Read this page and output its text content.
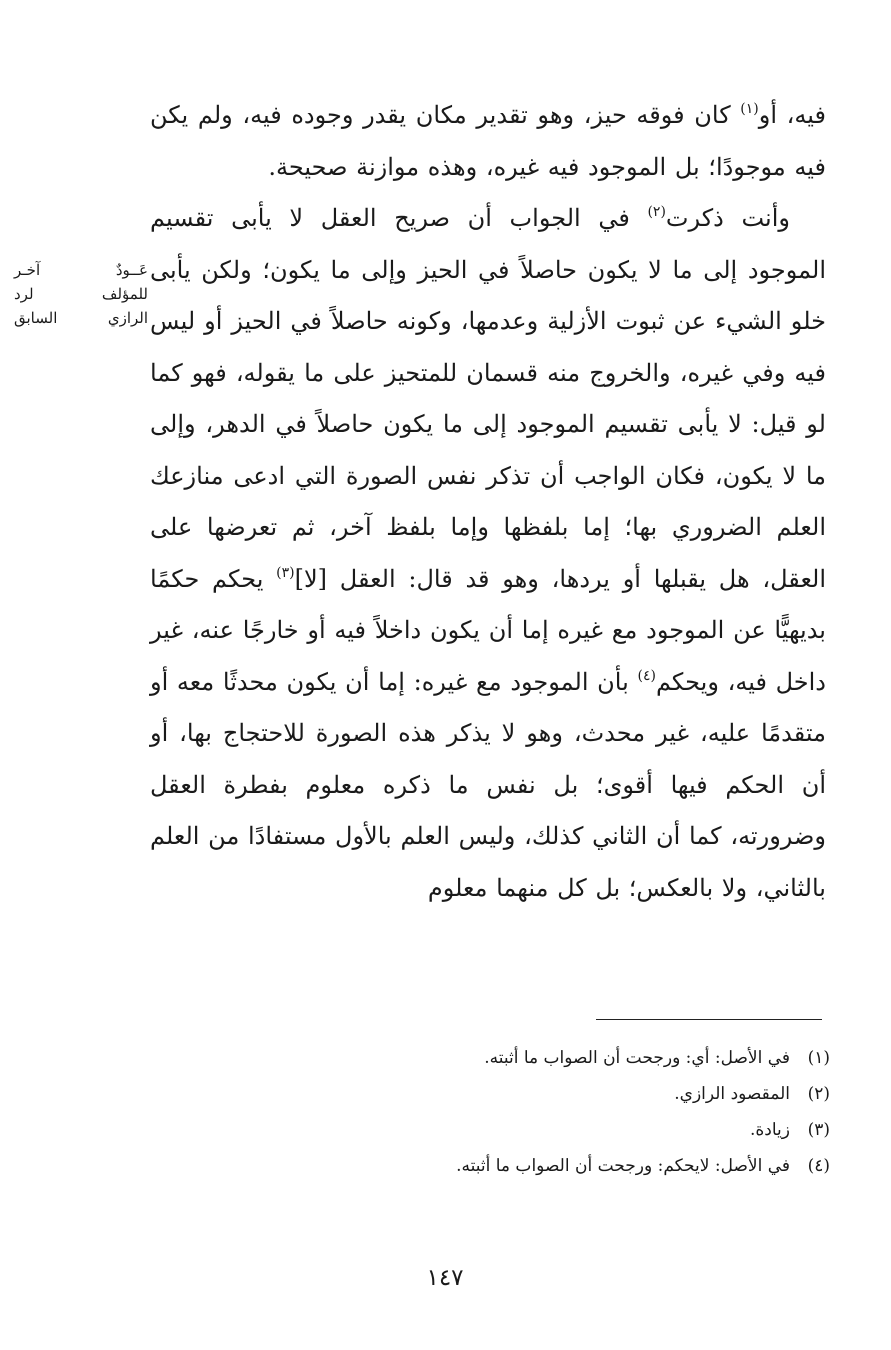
فيه، أو$^{(١)}$ كان فوقه حيز، وهو تقدير مكان يقدر وجوده فيه، ولم يكن فيه موجودًا؛ بل الموجود فيه غيره، وهذه موازنة صحيحة.

وأنت ذكرت$^{(٢)}$ في الجواب أن صريح العقل لا يأبى تقسيم الموجود إلى ما لا يكون حاصلاً في الحيز وإلى ما يكون؛ ولكن يأبى خلو الشيء عن ثبوت الأزلية وعدمها، وكونه حاصلاً في الحيز أو ليس فيه وفي غيره، والخروج منه قسمان للمتحيز على ما يقوله، فهو كما لو قيل: لا يأبى تقسيم الموجود إلى ما يكون حاصلاً في الدهر، وإلى ما لا يكون، فكان الواجب أن تذكر نفس الصورة التي ادعى منازعك العلم الضروري بها؛ إما بلفظها وإما بلفظ آخر، ثم تعرضها على العقل، هل يقبلها أو يردها، وهو قد قال: العقل [لا]$^{(٣)}$ يحكم حكمًا بديهيًّا عن الموجود مع غيره إما أن يكون داخلاً فيه أو خارجًا عنه، غير داخل فيه، ويحكم$^{(٤)}$ بأن الموجود مع غيره: إما أن يكون محدثًا معه أو متقدمًا عليه، غير محدث، وهو لا يذكر هذه الصورة للاحتجاج بها، أو أن الحكم فيها أقوى؛ بل نفس ما ذكره معلوم بفطرة العقل وضرورته، كما أن الثاني كذلك، وليس العلم بالأول مستفادًا من العلم بالثاني، ولا بالعكس؛ بل كل منهما معلوم

عَــودٌ آخـر
للمؤلف لرد
الرازي السابق
(١)في الأصل: أي: ورجحت أن الصواب ما أثبته.
(٢)المقصود الرازي.
(٣)زيادة.
(٤)في الأصل: لايحكم: ورجحت أن الصواب ما أثبته.
١٤٧
